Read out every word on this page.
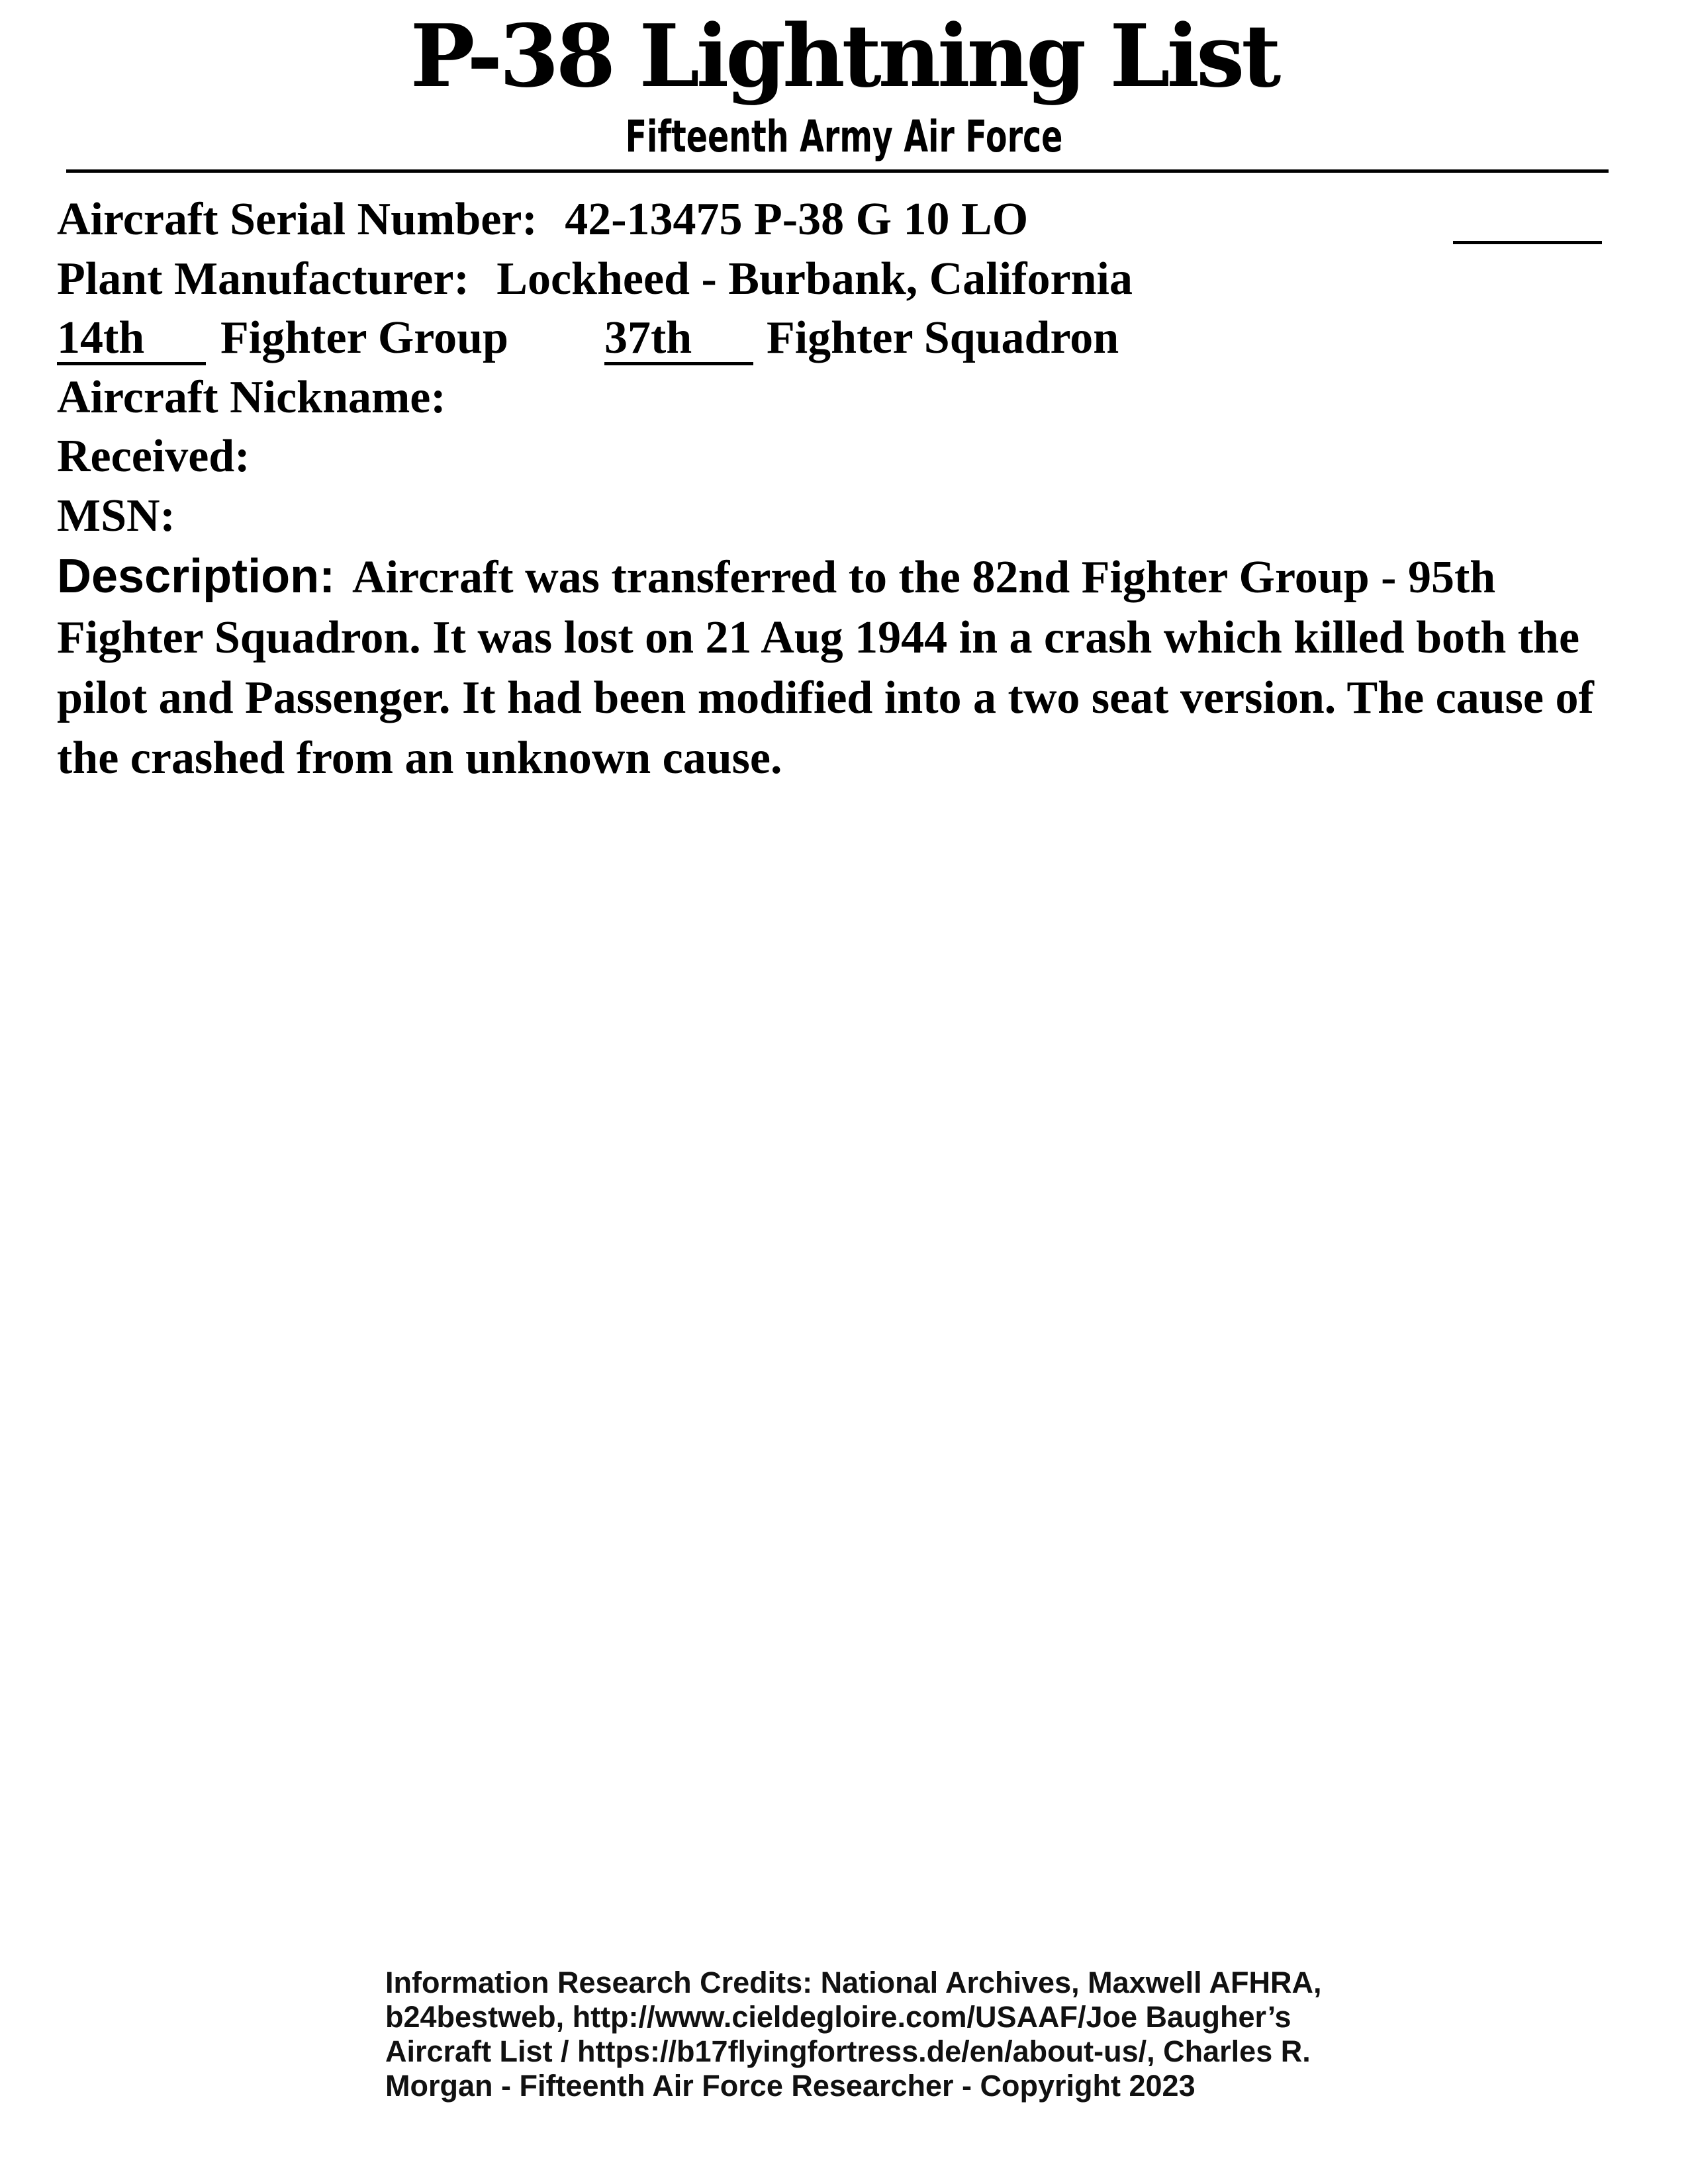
P-38 Lightning List
Fifteenth Army Air Force
Aircraft Serial Number: 42-13475 P-38 G 10 LO
Plant Manufacturer: Lockheed - Burbank, California
14th Fighter Group 37th Fighter Squadron
Aircraft Nickname:
Received:
MSN:
Description: Aircraft was transferred to the 82nd Fighter Group - 95th Fighter Squadron. It was lost on 21 Aug 1944 in a crash which killed both the pilot and Passenger. It had been modified into a two seat version. The cause of the crashed from an unknown cause.
Information Research Credits: National Archives, Maxwell AFHRA, b24bestweb, http://www.cieldegloire.com/USAAF/Joe Baugher’s Aircraft List / https://b17flyingfortress.de/en/about-us/, Charles R. Morgan - Fifteenth Air Force Researcher - Copyright 2023
